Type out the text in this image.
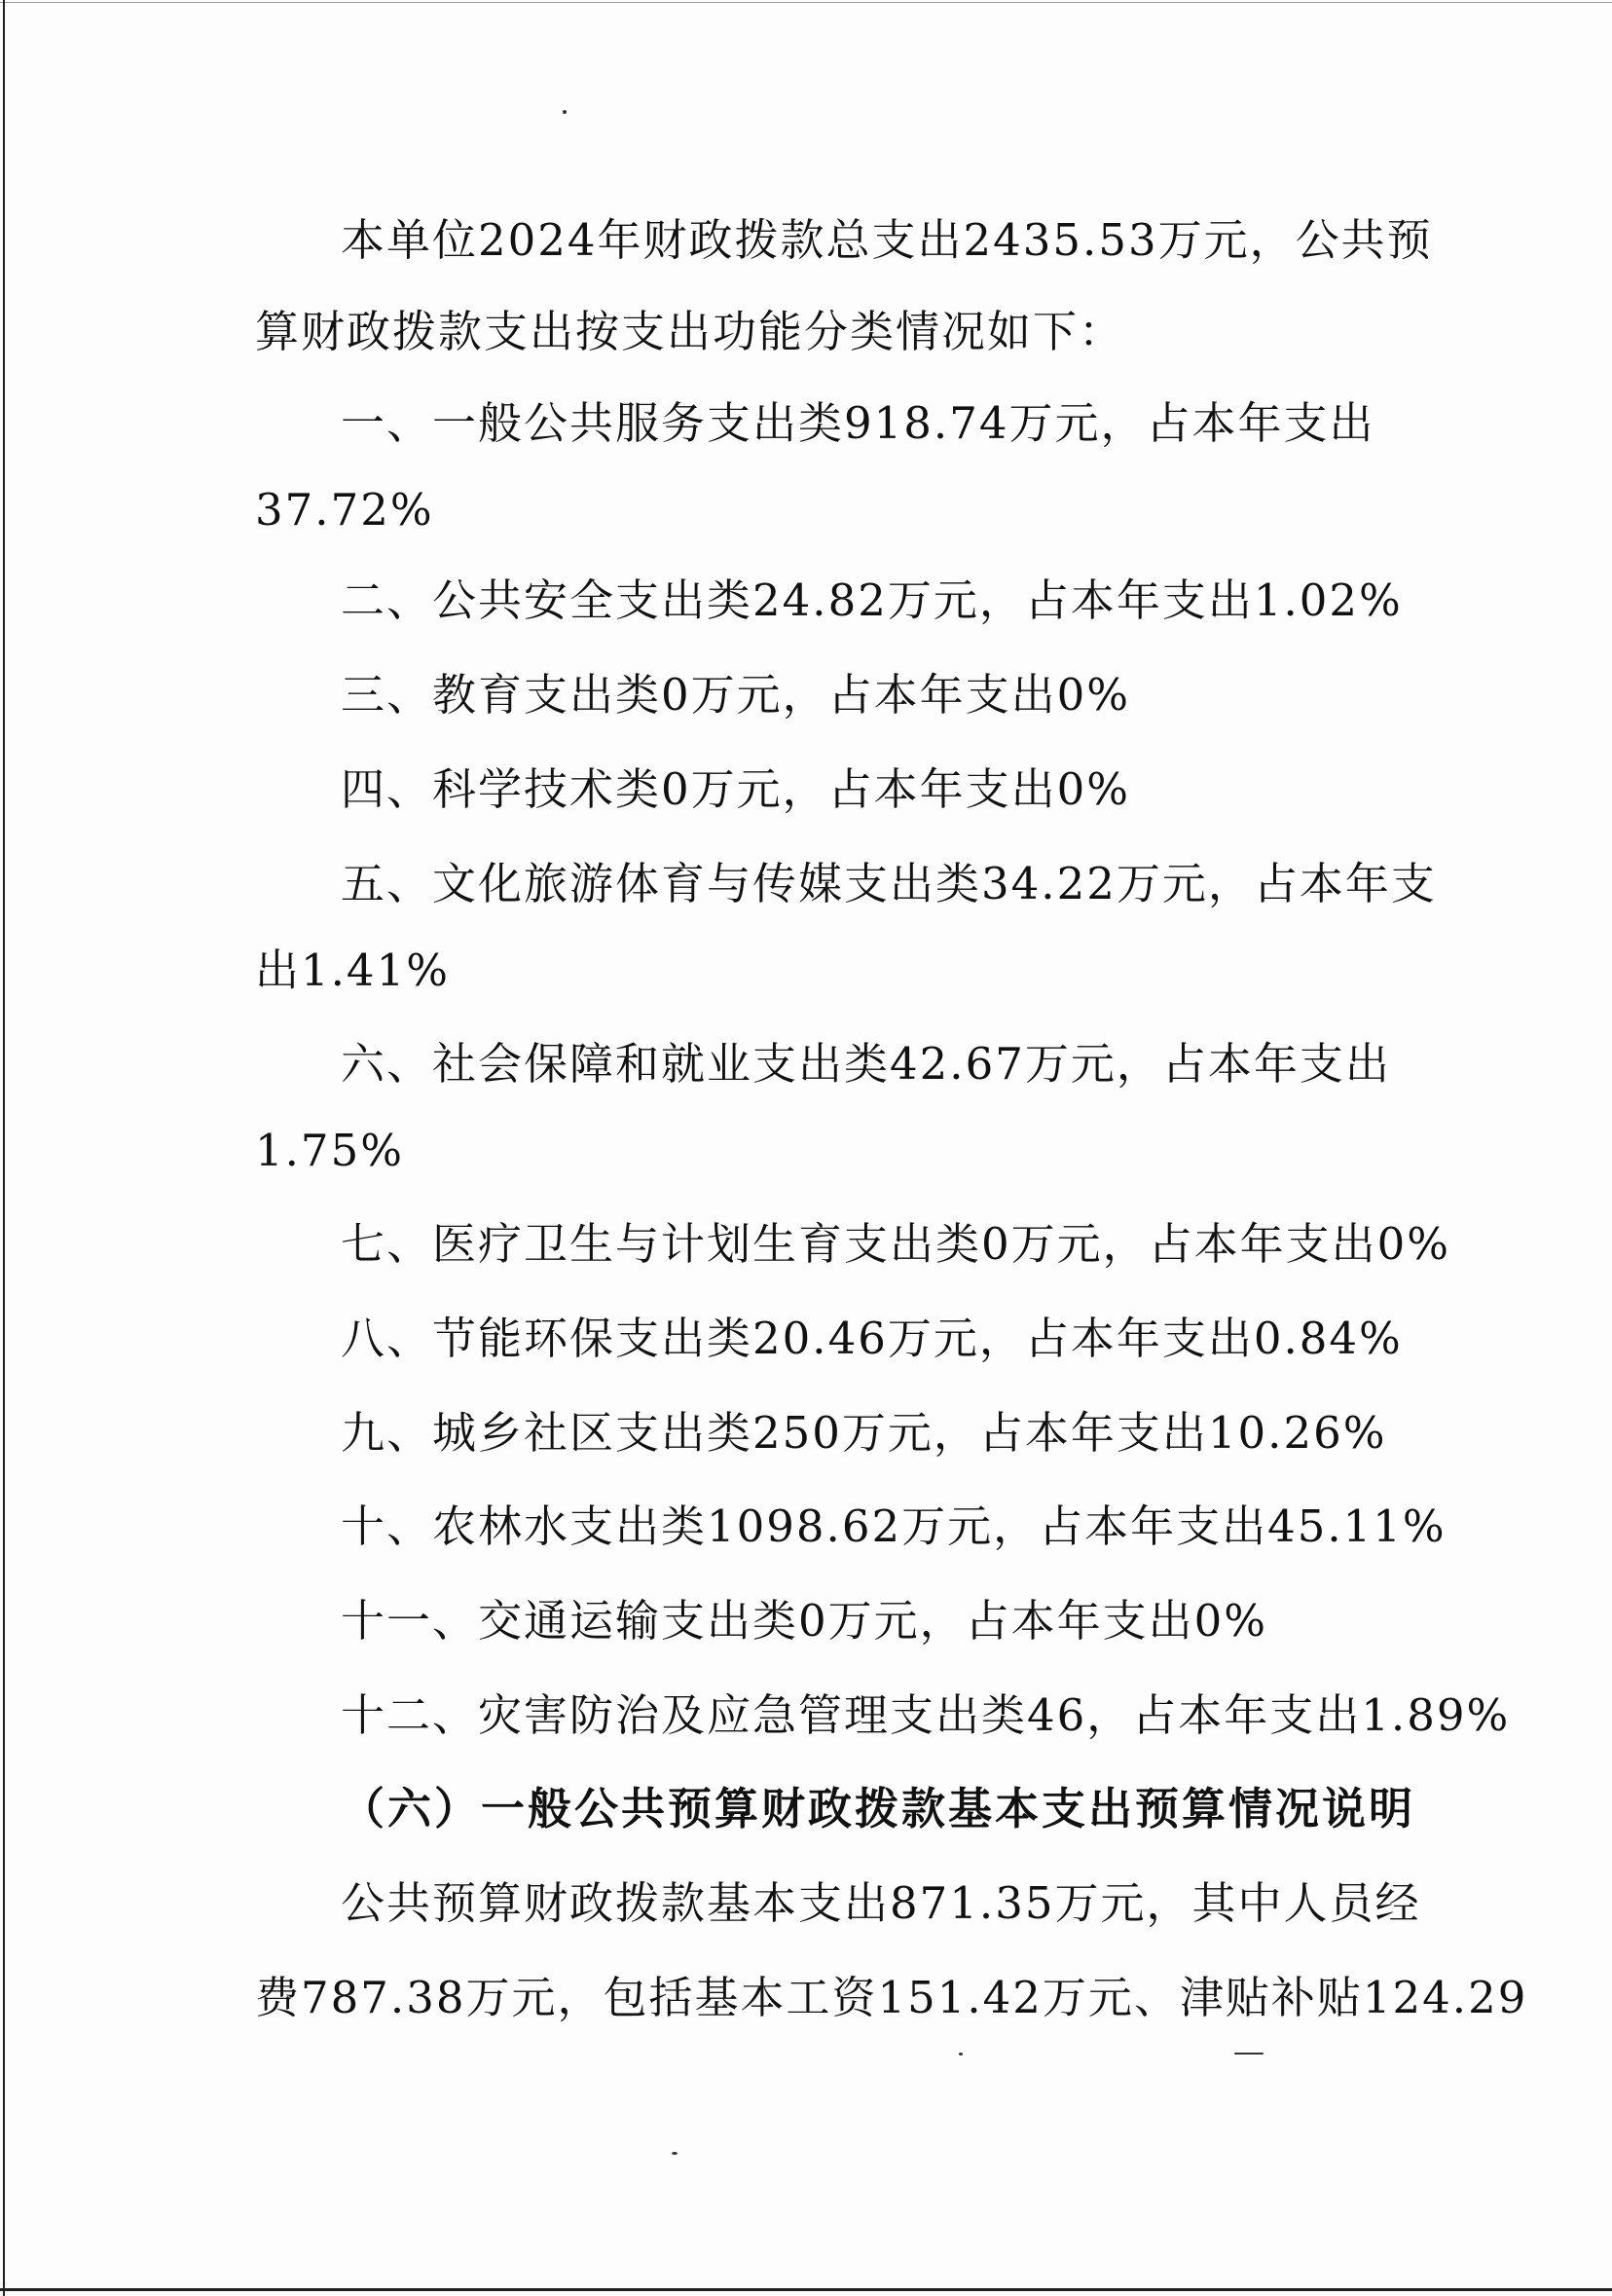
本单位2024年财政拨款总支出2435.53万元，公共预
算财政拨款支出按支出功能分类情况如下：
一、一般公共服务支出类918.74万元，占本年支出
37.72%
二、公共安全支出类24.82万元，占本年支出1.02%
三、教育支出类0万元，占本年支出0%
四、科学技术类0万元，占本年支出0%
五、文化旅游体育与传媒支出类34.22万元，占本年支
出1.41%
六、社会保障和就业支出类42.67万元，占本年支出
1.75%
七、医疗卫生与计划生育支出类0万元，占本年支出0%
八、节能环保支出类20.46万元，占本年支出0.84%
九、城乡社区支出类250万元，占本年支出10.26%
十、农林水支出类1098.62万元，占本年支出45.11%
十一、交通运输支出类0万元，占本年支出0%
十二、灾害防治及应急管理支出类46，占本年支出1.89%
（六）一般公共预算财政拨款基本支出预算情况说明
公共预算财政拨款基本支出871.35万元，其中人员经
费787.38万元，包括基本工资151.42万元、津贴补贴124.29
